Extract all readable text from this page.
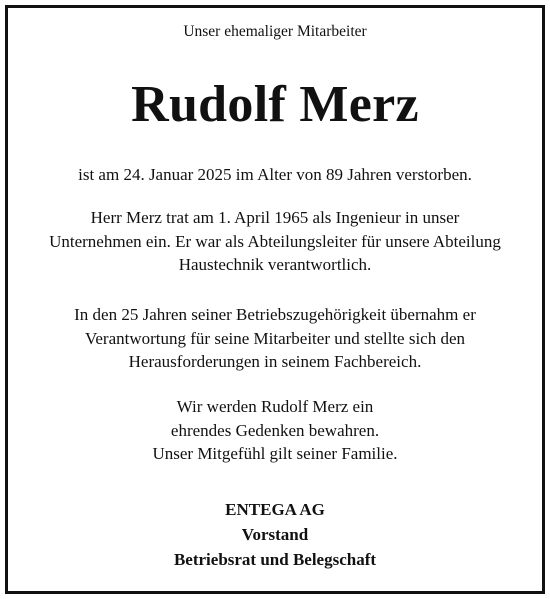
Unser ehemaliger Mitarbeiter
Rudolf Merz
ist am 24. Januar 2025 im Alter von 89 Jahren verstorben.
Herr Merz trat am 1. April 1965 als Ingenieur in unser
Unternehmen ein. Er war als Abteilungsleiter für unsere Abteilung
Haustechnik verantwortlich.
In den 25 Jahren seiner Betriebszugehörigkeit übernahm er
Verantwortung für seine Mitarbeiter und stellte sich den
Herausforderungen in seinem Fachbereich.
Wir werden Rudolf Merz ein
ehrendes Gedenken bewahren.
Unser Mitgefühl gilt seiner Familie.
ENTEGA AG
Vorstand
Betriebsrat und Belegschaft
